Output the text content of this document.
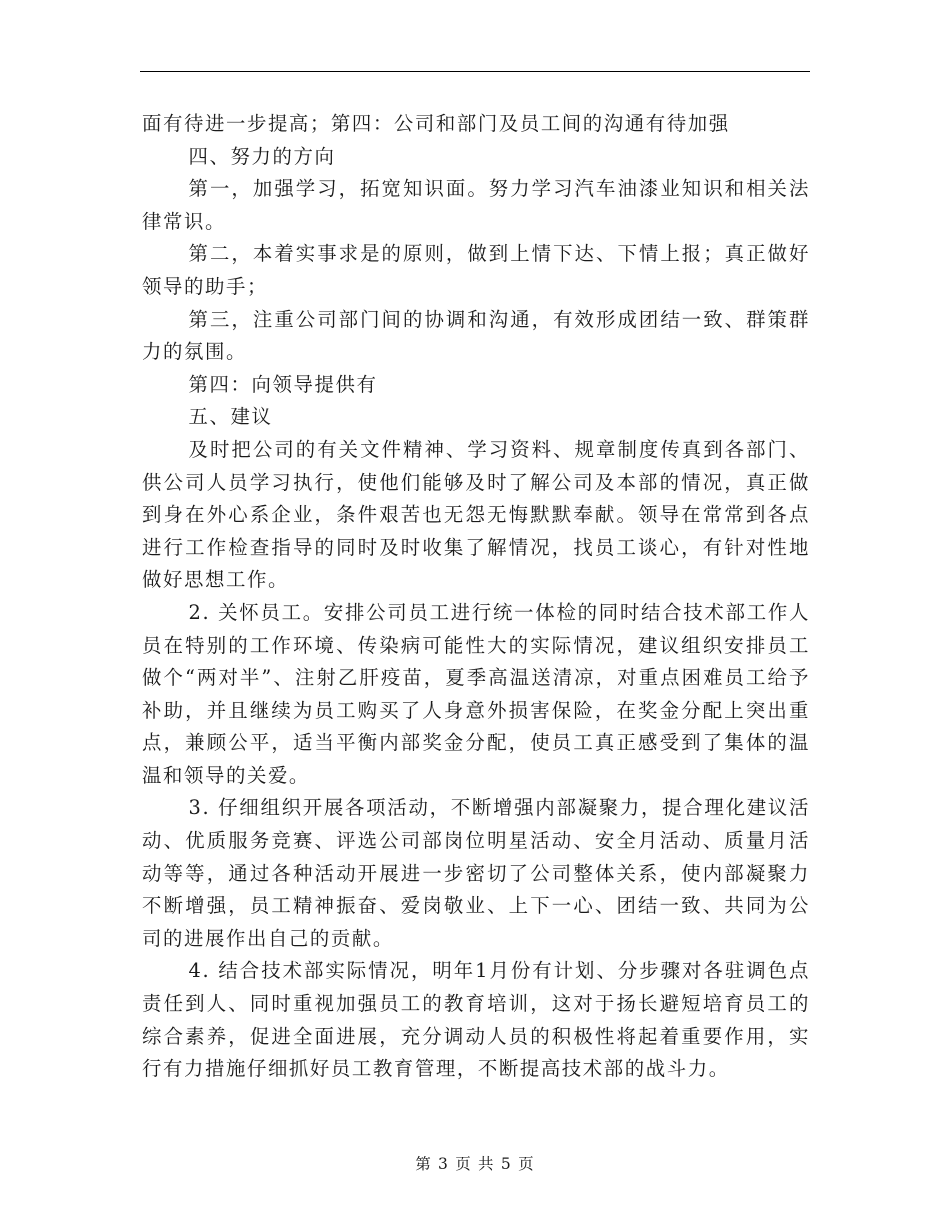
面有待进一步提高；第四：公司和部门及员工间的沟通有待加强

四、努力的方向

第一，加强学习，拓宽知识面。努力学习汽车油漆业知识和相关法律常识。

第二，本着实事求是的原则，做到上情下达、下情上报；真正做好领导的助手；

第三，注重公司部门间的协调和沟通，有效形成团结一致、群策群力的氛围。

第四：向领导提供有

五、建议

及时把公司的有关文件精神、学习资料、规章制度传真到各部门、供公司人员学习执行，使他们能够及时了解公司及本部的情况，真正做到身在外心系企业，条件艰苦也无怨无悔默默奉献。领导在常常到各点进行工作检查指导的同时及时收集了解情况，找员工谈心，有针对性地做好思想工作。

2. 关怀员工。安排公司员工进行统一体检的同时结合技术部工作人员在特别的工作环境、传染病可能性大的实际情况，建议组织安排员工做个“两对半”、注射乙肝疫苗，夏季高温送清凉，对重点困难员工给予补助，并且继续为员工购买了人身意外损害保险，在奖金分配上突出重点，兼顾公平，适当平衡内部奖金分配，使员工真正感受到了集体的温温和领导的关爱。

3. 仔细组织开展各项活动，不断增强内部凝聚力，提合理化建议活动、优质服务竞赛、评选公司部岗位明星活动、安全月活动、质量月活动等等，通过各种活动开展进一步密切了公司整体关系，使内部凝聚力不断增强，员工精神振奋、爱岗敬业、上下一心、团结一致、共同为公司的进展作出自己的贡献。

4. 结合技术部实际情况，明年1月份有计划、分步骤对各驻调色点责任到人、同时重视加强员工的教育培训，这对于扬长避短培育员工的综合素养，促进全面进展，充分调动人员的积极性将起着重要作用，实行有力措施仔细抓好员工教育管理，不断提高技术部的战斗力。

第 3 页 共 5 页
